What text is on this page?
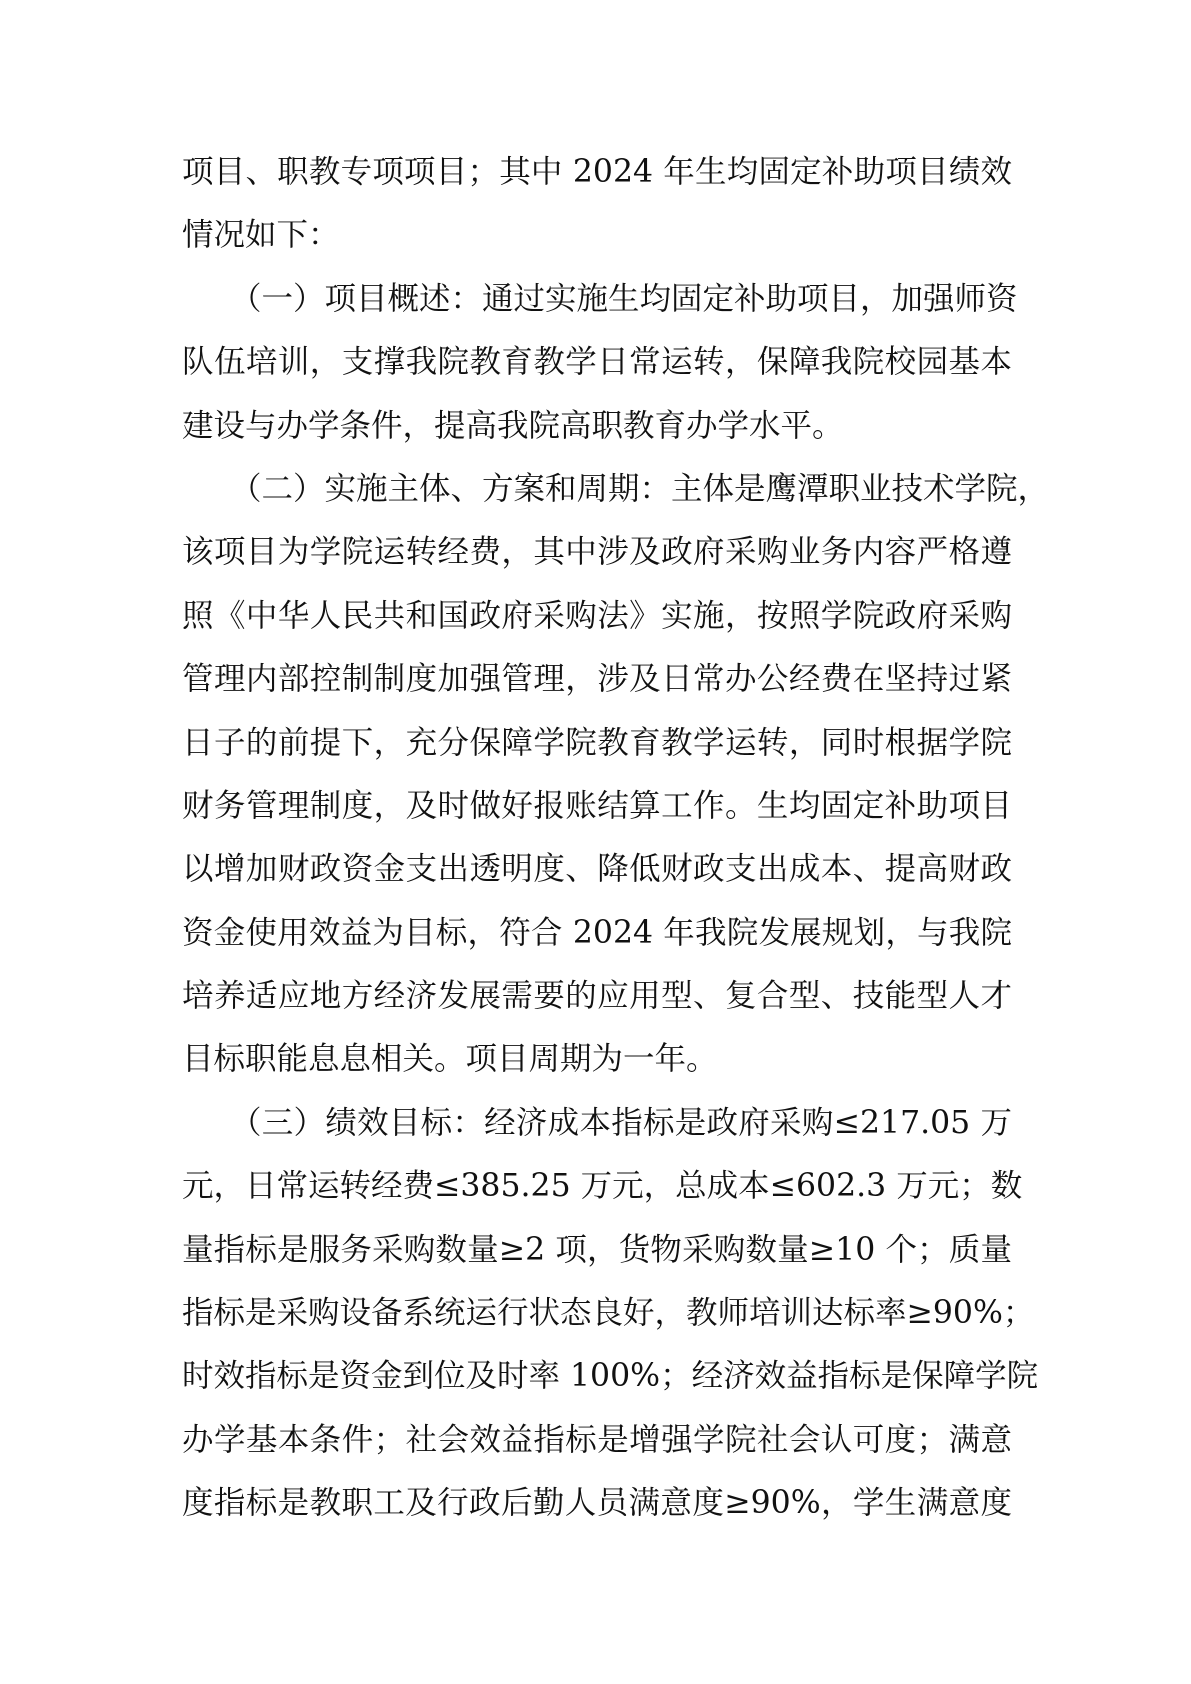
项目、职教专项项目；其中 2024 年生均固定补助项目绩效
情况如下：
（一）项目概述：通过实施生均固定补助项目，加强师资
队伍培训，支撑我院教育教学日常运转，保障我院校园基本
建设与办学条件，提高我院高职教育办学水平。
（二）实施主体、方案和周期：主体是鹰潭职业技术学院，
该项目为学院运转经费，其中涉及政府采购业务内容严格遵
照《中华人民共和国政府采购法》实施，按照学院政府采购
管理内部控制制度加强管理，涉及日常办公经费在坚持过紧
日子的前提下，充分保障学院教育教学运转，同时根据学院
财务管理制度，及时做好报账结算工作。生均固定补助项目
以增加财政资金支出透明度、降低财政支出成本、提高财政
资金使用效益为目标，符合 2024 年我院发展规划，与我院
培养适应地方经济发展需要的应用型、复合型、技能型人才
目标职能息息相关。项目周期为一年。
（三）绩效目标：经济成本指标是政府采购≤217.05 万
元，日常运转经费≤385.25 万元，总成本≤602.3 万元；数
量指标是服务采购数量≥2 项，货物采购数量≥10 个；质量
指标是采购设备系统运行状态良好，教师培训达标率≥90%；
时效指标是资金到位及时率 100%；经济效益指标是保障学院
办学基本条件；社会效益指标是增强学院社会认可度；满意
度指标是教职工及行政后勤人员满意度≥90%，学生满意度
